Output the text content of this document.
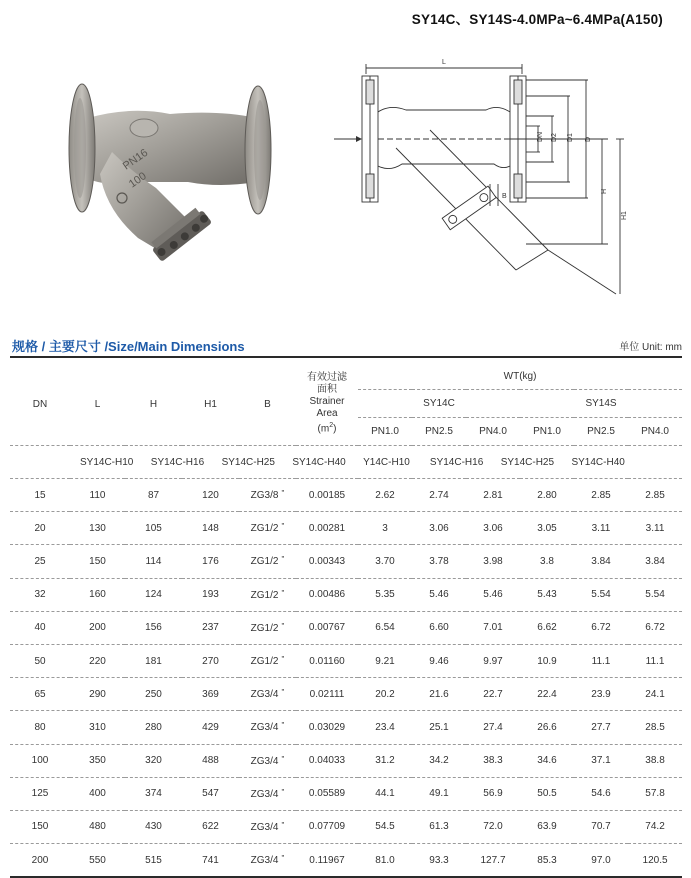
SY14C、SY14S-4.0MPa~6.4MPa(A150)
PN16
100
L
DN D2 D1 D
H
H1
B
规格 / 主要尺寸 /Size/Main Dimensions	单位 Unit: mm
DN	L	H	H1	B	有效过滤
面积
Strainer
Area
$(m^2)$	WT(kg)					
						SY14C			SY14S		
						PN1.0	PN2.5	PN4.0	PN1.0	PN2.5	PN4.0
	SY14C-H10 SY14C-H16 SY14C-H25 SY14C-H40 Y14C-H10 SY14C-H16 SY14C-H25 SY14C-H40										
15	110	87	120	ZG3/8 "	0.00185	2.62	2.74	2.81	2.80	2.85	2.85
20	130	105	148	ZG1/2 "	0.00281	3	3.06	3.06	3.05	3.11	3.11
25	150	114	176	ZG1/2 "	0.00343	3.70	3.78	3.98	3.8	3.84	3.84
32	160	124	193	ZG1/2 "	0.00486	5.35	5.46	5.46	5.43	5.54	5.54
40	200	156	237	ZG1/2 "	0.00767	6.54	6.60	7.01	6.62	6.72	6.72
50	220	181	270	ZG1/2 "	0.01160	9.21	9.46	9.97	10.9	11.1	11.1
65	290	250	369	ZG3/4 "	0.02111	20.2	21.6	22.7	22.4	23.9	24.1
80	310	280	429	ZG3/4 "	0.03029	23.4	25.1	27.4	26.6	27.7	28.5
100	350	320	488	ZG3/4 "	0.04033	31.2	34.2	38.3	34.6	37.1	38.8
125	400	374	547	ZG3/4 "	0.05589	44.1	49.1	56.9	50.5	54.6	57.8
150	480	430	622	ZG3/4 "	0.07709	54.5	61.3	72.0	63.9	70.7	74.2
200	550	515	741	ZG3/4 "	0.11967	81.0	93.3	127.7	85.3	97.0	120.5
